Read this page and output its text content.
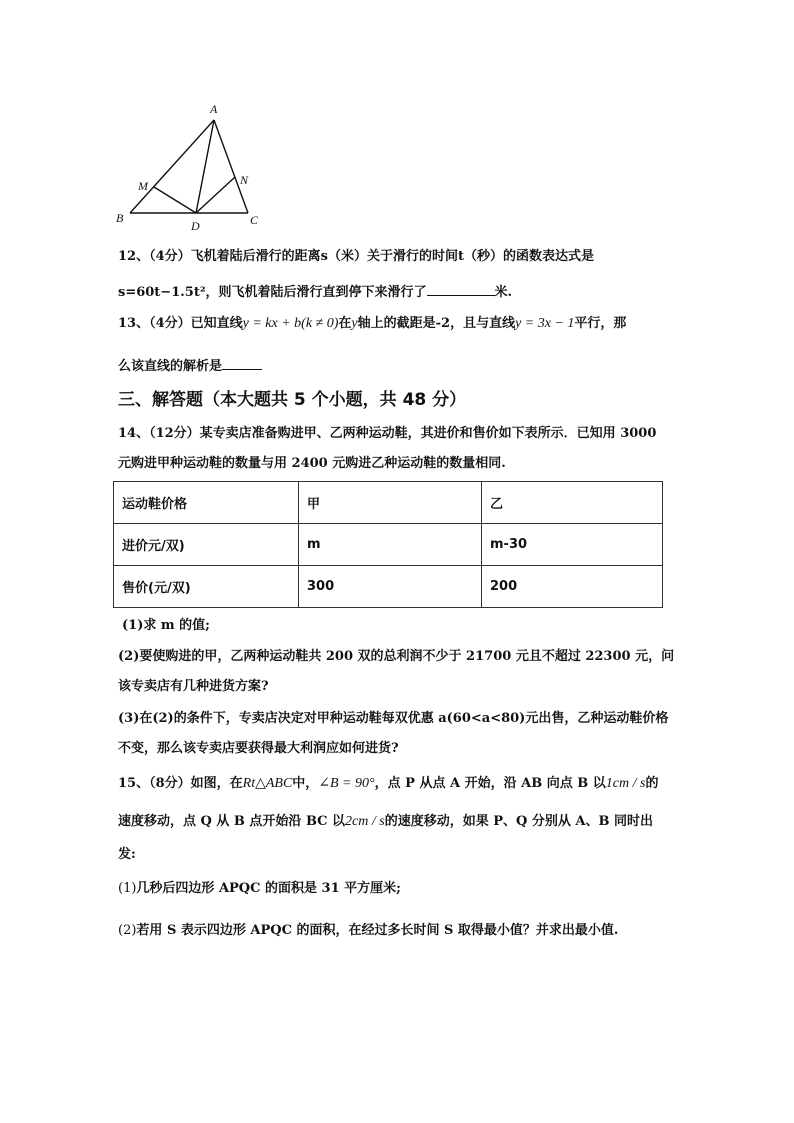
A
B	C
D
M	N
12、（4分）飞机着陆后滑行的距离s（米）关于滑行的时间t（秒）的函数表达式是
s=60t−1.5t²，则飞机着陆后滑行直到停下来滑行了	米.
13、（4分）已知直线y = kx + b(k ≠ 0)在y轴上的截距是-2，且与直线y = 3x − 1平行，那
么该直线的解析是
三、解答题（本大题共 5 个小题，共 48 分）
14、（12分）某专卖店准备购进甲、乙两种运动鞋，其进价和售价如下表所示．已知用 3000
元购进甲种运动鞋的数量与用 2400 元购进乙种运动鞋的数量相同.
运动鞋价格	甲	乙
进价元/双)	m	m-30
售价(元/双)	300	200
(1)求 m 的值;
(2)要使购进的甲，乙两种运动鞋共 200 双的总利润不少于 21700 元且不超过 22300 元，问
该专卖店有几种进货方案?
(3)在(2)的条件下，专卖店决定对甲种运动鞋每双优惠 a(60<a<80)元出售，乙种运动鞋价格
不变，那么该专卖店要获得最大利润应如何进货?
15、（8分）如图，在Rt△ABC中，∠B = 90°，点 P 从点 A 开始，沿 AB 向点 B 以1cm / s的
速度移动，点 Q 从 B 点开始沿 BC 以2cm / s的速度移动，如果 P、Q 分别从 A、B 同时出
发:
(1)几秒后四边形 APQC 的面积是 31 平方厘米;
(2)若用 S 表示四边形 APQC 的面积，在经过多长时间 S 取得最小值？并求出最小值.
